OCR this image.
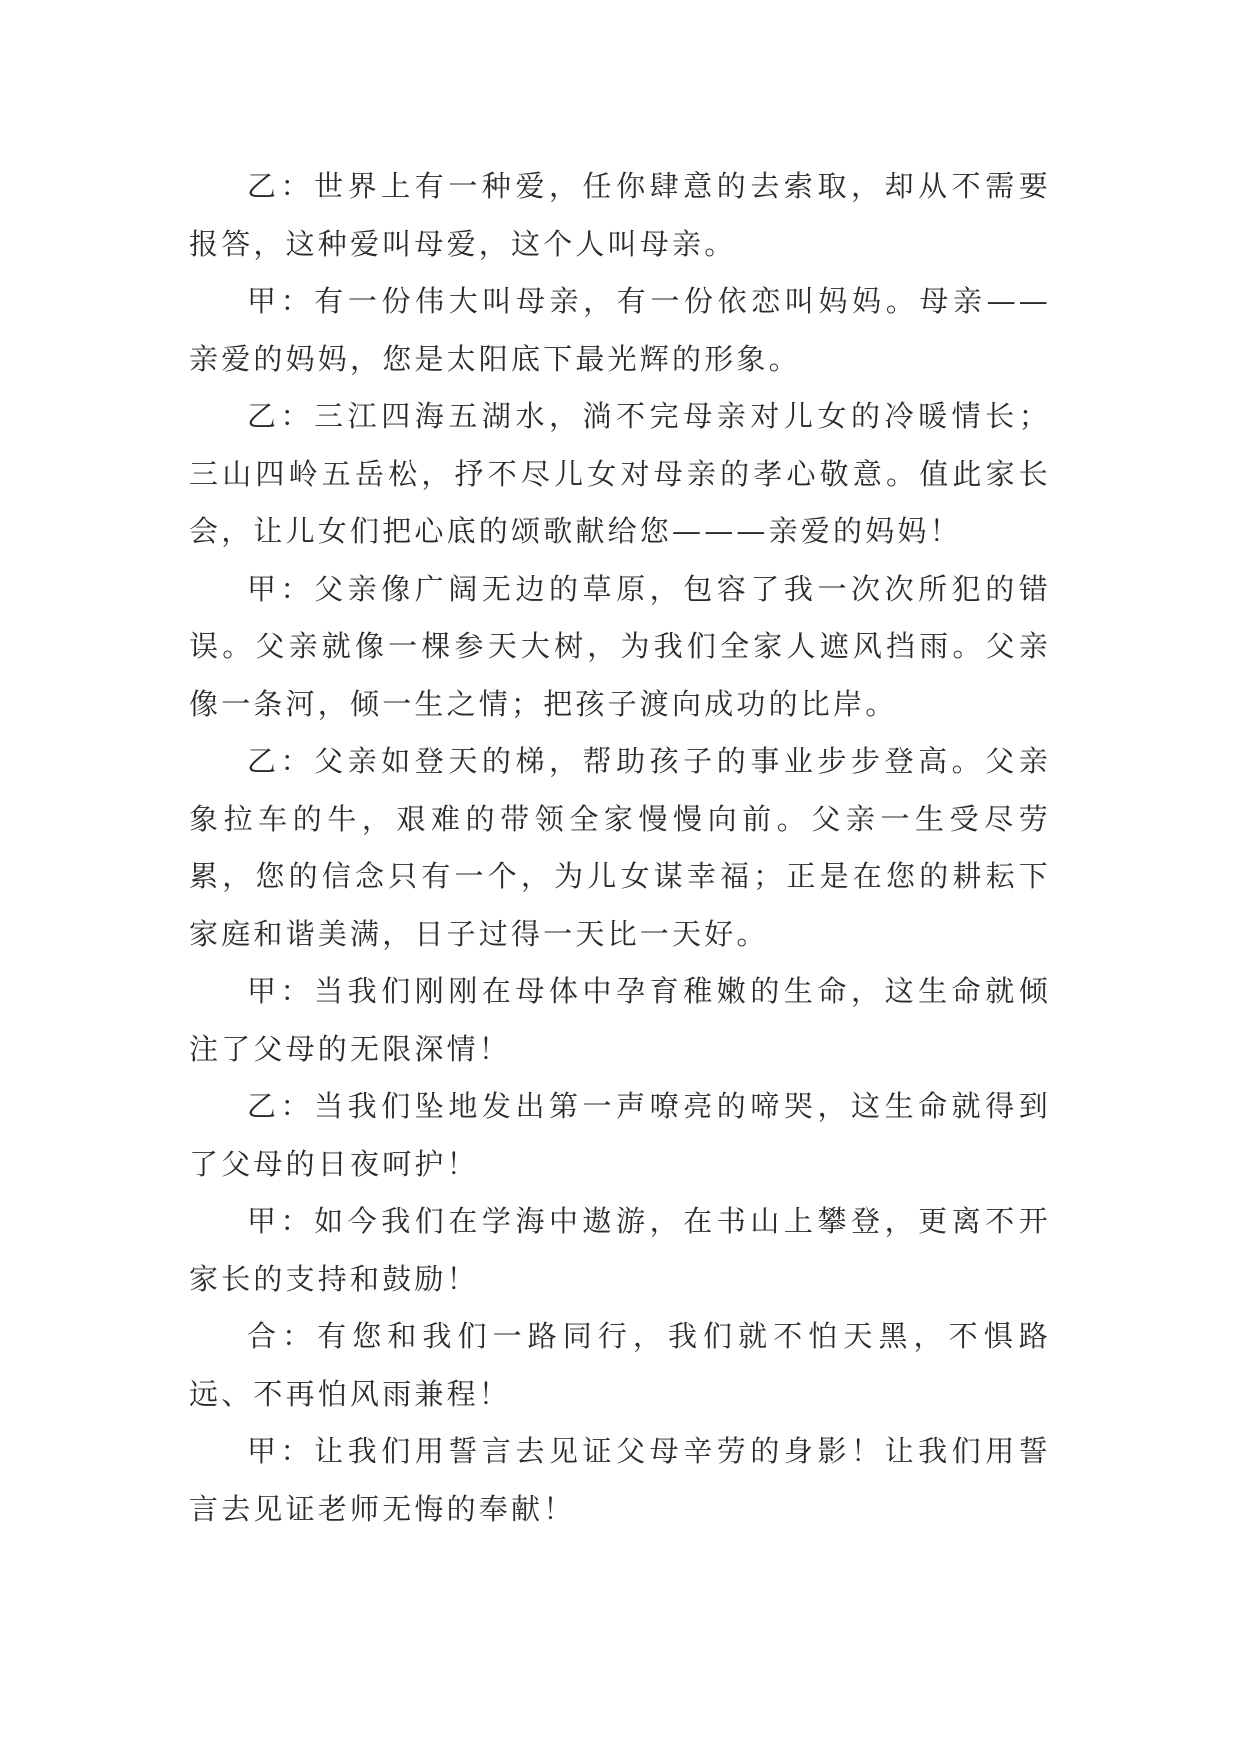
乙：世界上有一种爱，任你肆意的去索取，却从不需要报答，这种爱叫母爱，这个人叫母亲。

甲：有一份伟大叫母亲，有一份依恋叫妈妈。母亲——亲爱的妈妈，您是太阳底下最光辉的形象。

乙：三江四海五湖水，淌不完母亲对儿女的冷暖情长；三山四岭五岳松，抒不尽儿女对母亲的孝心敬意。值此家长会，让儿女们把心底的颂歌献给您———亲爱的妈妈！

甲：父亲像广阔无边的草原，包容了我一次次所犯的错误。父亲就像一棵参天大树，为我们全家人遮风挡雨。父亲像一条河，倾一生之情；把孩子渡向成功的比岸。

乙：父亲如登天的梯，帮助孩子的事业步步登高。父亲象拉车的牛，艰难的带领全家慢慢向前。父亲一生受尽劳累，您的信念只有一个，为儿女谋幸福；正是在您的耕耘下家庭和谐美满，日子过得一天比一天好。

甲：当我们刚刚在母体中孕育稚嫩的生命，这生命就倾注了父母的无限深情！

乙：当我们坠地发出第一声嘹亮的啼哭，这生命就得到了父母的日夜呵护！

甲：如今我们在学海中遨游，在书山上攀登，更离不开家长的支持和鼓励！

合：有您和我们一路同行，我们就不怕天黑，不惧路远、不再怕风雨兼程！

甲：让我们用誓言去见证父母辛劳的身影！让我们用誓言去见证老师无悔的奉献！
